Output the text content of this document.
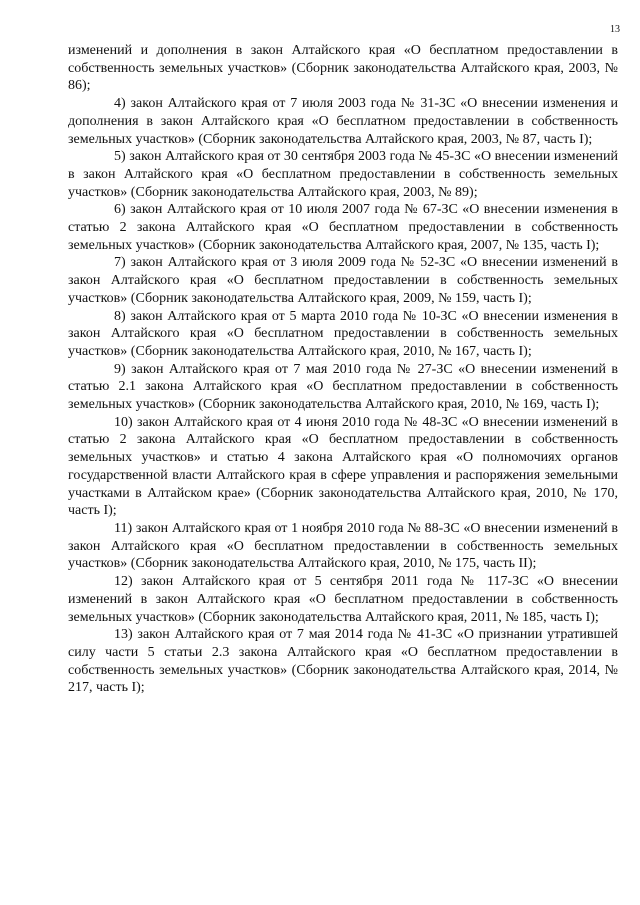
13

изменений и дополнения в закон Алтайского края «О бесплатном предоставлении в собственность земельных участков» (Сборник законодательства Алтайского края, 2003, № 86);

4) закон Алтайского края от 7 июля 2003 года № 31-ЗС «О внесении изменения и дополнения в закон Алтайского края «О бесплатном предоставлении в собственность земельных участков» (Сборник законодательства Алтайского края, 2003, № 87, часть I);

5) закон Алтайского края от 30 сентября 2003 года № 45-ЗС «О внесении изменений в закон Алтайского края «О бесплатном предоставлении в собственность земельных участков» (Сборник законодательства Алтайского края, 2003, № 89);

6) закон Алтайского края от 10 июля 2007 года № 67-ЗС «О внесении изменения в статью 2 закона Алтайского края «О бесплатном предоставлении в собственность земельных участков» (Сборник законодательства Алтайского края, 2007, № 135, часть I);

7) закон Алтайского края от 3 июля 2009 года № 52-ЗС «О внесении изменений в закон Алтайского края «О бесплатном предоставлении в собственность земельных участков» (Сборник законодательства Алтайского края, 2009, № 159, часть I);

8) закон Алтайского края от 5 марта 2010 года № 10-ЗС «О внесении изменения в закон Алтайского края «О бесплатном предоставлении в собственность земельных участков» (Сборник законодательства Алтайского края, 2010, № 167, часть I);

9) закон Алтайского края от 7 мая 2010 года № 27-ЗС «О внесении изменений в статью 2.1 закона Алтайского края «О бесплатном предоставлении в собственность земельных участков» (Сборник законодательства Алтайского края, 2010, № 169, часть I);

10) закон Алтайского края от 4 июня 2010 года № 48-ЗС «О внесении изменений в статью 2 закона Алтайского края «О бесплатном предоставлении в собственность земельных участков» и статью 4 закона Алтайского края «О полномочиях органов государственной власти Алтайского края в сфере управления и распоряжения земельными участками в Алтайском крае» (Сборник законодательства Алтайского края, 2010, № 170, часть I);

11) закон Алтайского края от 1 ноября 2010 года № 88-ЗС «О внесении изменений в закон Алтайского края «О бесплатном предоставлении в собственность земельных участков» (Сборник законодательства Алтайского края, 2010, № 175, часть II);

12) закон Алтайского края от 5 сентября 2011 года № 117-ЗС «О внесении изменений в закон Алтайского края «О бесплатном предоставлении в собственность земельных участков» (Сборник законодательства Алтайского края, 2011, № 185, часть I);

13) закон Алтайского края от 7 мая 2014 года № 41-ЗС «О признании утратившей силу части 5 статьи 2.3 закона Алтайского края «О бесплатном предоставлении в собственность земельных участков» (Сборник законодательства Алтайского края, 2014, № 217, часть I);
